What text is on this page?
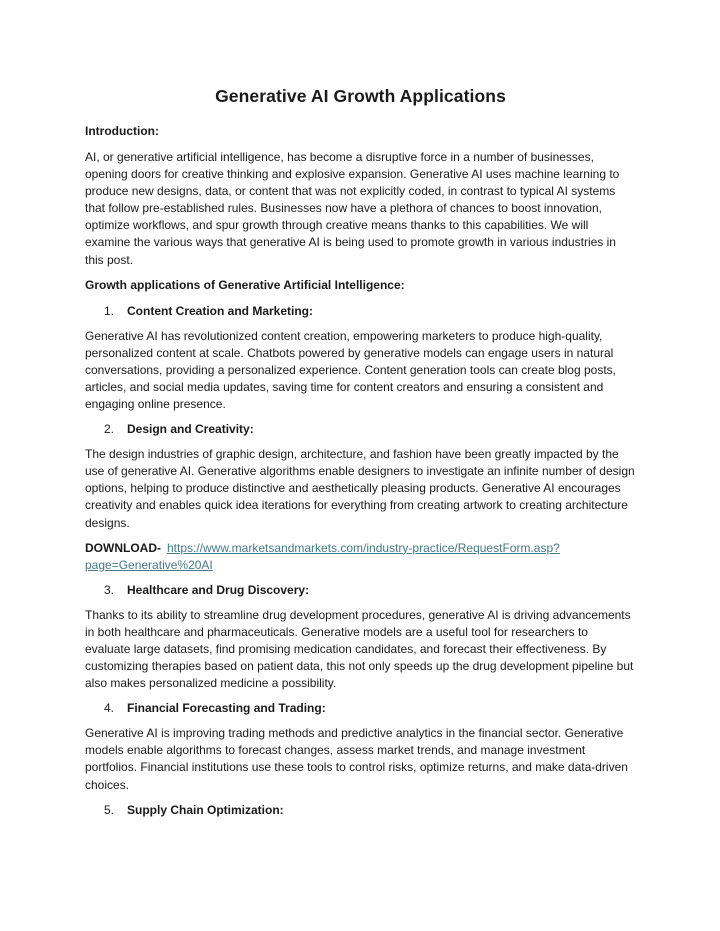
Generative AI Growth Applications
Introduction:

AI, or generative artificial intelligence, has become a disruptive force in a number of businesses, opening doors for creative thinking and explosive expansion. Generative AI uses machine learning to produce new designs, data, or content that was not explicitly coded, in contrast to typical AI systems that follow pre-established rules. Businesses now have a plethora of chances to boost innovation, optimize workflows, and spur growth through creative means thanks to this capabilities. We will examine the various ways that generative AI is being used to promote growth in various industries in this post.

Growth applications of Generative Artificial Intelligence:
1.	Content Creation and Marketing:

Generative AI has revolutionized content creation, empowering marketers to produce high-quality, personalized content at scale. Chatbots powered by generative models can engage users in natural conversations, providing a personalized experience. Content generation tools can create blog posts, articles, and social media updates, saving time for content creators and ensuring a consistent and engaging online presence.

2.	Design and Creativity:

The design industries of graphic design, architecture, and fashion have been greatly impacted by the use of generative AI. Generative algorithms enable designers to investigate an infinite number of design options, helping to produce distinctive and aesthetically pleasing products. Generative AI encourages creativity and enables quick idea iterations for everything from creating artwork to creating architecture designs.

DOWNLOAD- https://www.marketsandmarkets.com/industry-practice/RequestForm.asp?page=Generative%20AI

3.	Healthcare and Drug Discovery:

Thanks to its ability to streamline drug development procedures, generative AI is driving advancements in both healthcare and pharmaceuticals. Generative models are a useful tool for researchers to evaluate large datasets, find promising medication candidates, and forecast their effectiveness. By customizing therapies based on patient data, this not only speeds up the drug development pipeline but also makes personalized medicine a possibility.

4.	Financial Forecasting and Trading:

Generative AI is improving trading methods and predictive analytics in the financial sector. Generative models enable algorithms to forecast changes, assess market trends, and manage investment portfolios. Financial institutions use these tools to control risks, optimize returns, and make data-driven choices.

5.	Supply Chain Optimization:
